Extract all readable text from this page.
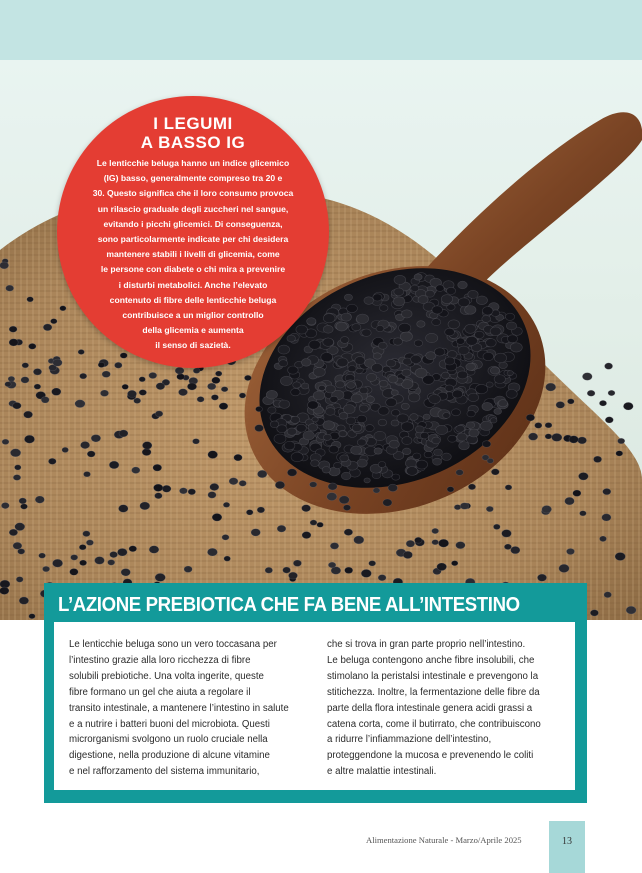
I LEGUMI
A BASSO IG
Le lenticchie beluga hanno un indice glicemico
(IG) basso, generalmente compreso tra 20 e
30. Questo significa che il loro consumo provoca
un rilascio graduale degli zuccheri nel sangue,
evitando i picchi glicemici. Di conseguenza,
sono particolarmente indicate per chi desidera
mantenere stabili i livelli di glicemia, come
le persone con diabete o chi mira a prevenire
i disturbi metabolici. Anche l’elevato
contenuto di fibre delle lenticchie beluga
contribuisce a un miglior controllo
della glicemia e aumenta
il senso di sazietà.
L’AZIONE PREBIOTICA CHE FA BENE ALL’INTESTINO
Le lenticchie beluga sono un vero toccasana per
l’intestino grazie alla loro ricchezza di fibre
solubili prebiotiche. Una volta ingerite, queste
fibre formano un gel che aiuta a regolare il
transito intestinale, a mantenere l’intestino in salute
e a nutrire i batteri buoni del microbiota. Questi
microrganismi svolgono un ruolo cruciale nella
digestione, nella produzione di alcune vitamine
e nel rafforzamento del sistema immunitario,
che si trova in gran parte proprio nell’intestino.
Le beluga contengono anche fibre insolubili, che
stimolano la peristalsi intestinale e prevengono la
stitichezza. Inoltre, la fermentazione delle fibre da
parte della flora intestinale genera acidi grassi a
catena corta, come il butirrato, che contribuiscono
a ridurre l’infiammazione dell’intestino,
proteggendone la mucosa e prevenendo le coliti
e altre malattie intestinali.
Alimentazione Naturale - Marzo/Aprile 2025	13
